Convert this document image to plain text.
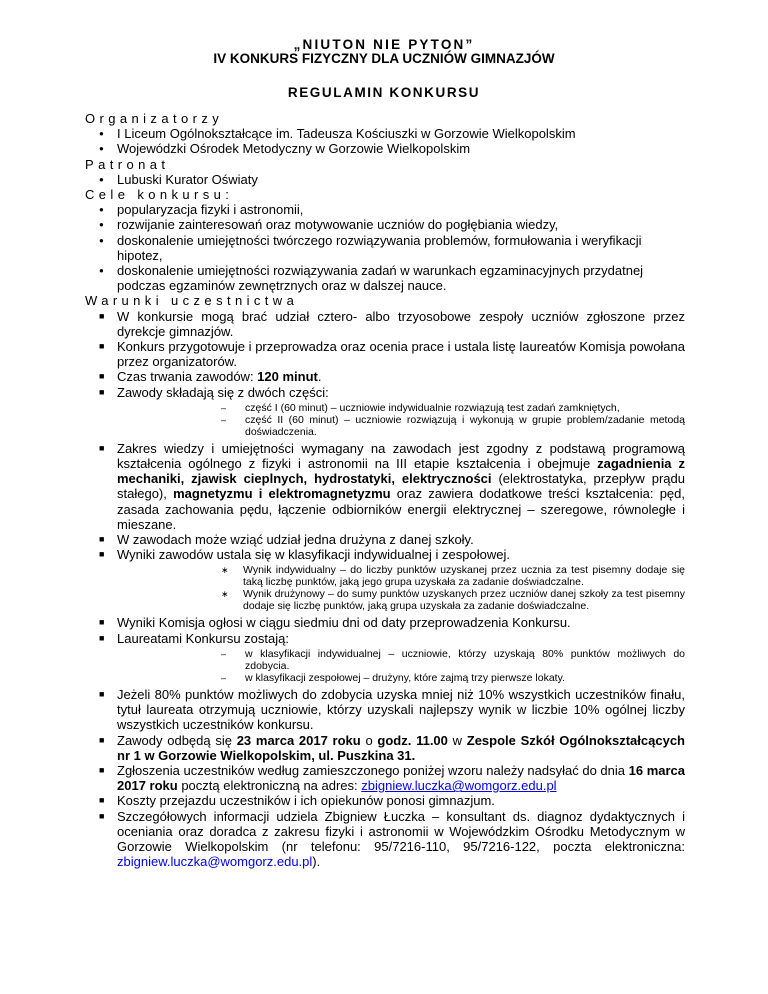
„NIUTON NIE PYTON”
IV KONKURS FIZYCZNY DLA UCZNIÓW GIMNAZJÓW
REGULAMIN KONKURSU
Organizatorzy
● I Liceum Ogólnokształcące im. Tadeusza Kościuszki w Gorzowie Wielkopolskim
● Wojewódzki Ośrodek Metodyczny w Gorzowie Wielkopolskim
Patronat
● Lubuski Kurator Oświaty
Cele konkursu:
● popularyzacja fizyki i astronomii,
● rozwijanie zainteresowań oraz motywowanie uczniów do pogłębiania wiedzy,
● doskonalenie umiejętności twórczego rozwiązywania problemów, formułowania i weryfikacji hipotez,
● doskonalenie umiejętności rozwiązywania zadań w warunkach egzaminacyjnych przydatnej podczas egzaminów zewnętrznych oraz w dalszej nauce.
Warunki uczestnictwa
■ W konkursie mogą brać udział cztero- albo trzyosobowe zespoły uczniów zgłoszone przez dyrekcje gimnazjów.
■ Konkurs przygotowuje i przeprowadza oraz ocenia prace i ustala listę laureatów Komisja powołana przez organizatorów.
■ Czas trwania zawodów: 120 minut.
■ Zawody składają się z dwóch części:
– część I (60 minut) – uczniowie indywidualnie rozwiązują test zadań zamkniętych,
– część II (60 minut) – uczniowie rozwiązują i wykonują w grupie problem/zadanie metodą doświadczenia.
■ Zakres wiedzy i umiejętności wymagany na zawodach jest zgodny z podstawą programową kształcenia ogólnego z fizyki i astronomii na III etapie kształcenia i obejmuje zagadnienia z mechaniki, zjawisk cieplnych, hydrostatyki, elektryczności (elektrostatyka, przepływ prądu stałego), magnetyzmu i elektromagnetyzmu oraz zawiera dodatkowe treści kształcenia: pęd, zasada zachowania pędu, łączenie odbiorników energii elektrycznej – szeregowe, równoległe i mieszane.
■ W zawodach może wziąć udział jedna drużyna z danej szkoły.
■ Wyniki zawodów ustala się w klasyfikacji indywidualnej i zespołowej.
∗ Wynik indywidualny – do liczby punktów uzyskanej przez ucznia za test pisemny dodaje się taką liczbę punktów, jaką jego grupa uzyskała za zadanie doświadczalne.
∗ Wynik drużynowy – do sumy punktów uzyskanych przez uczniów danej szkoły za test pisemny dodaje się liczbę punktów, jaką grupa uzyskała za zadanie doświadczalne.
■ Wyniki Komisja ogłosi w ciągu siedmiu dni od daty przeprowadzenia Konkursu.
■ Laureatami Konkursu zostają:
– w klasyfikacji indywidualnej – uczniowie, którzy uzyskają 80% punktów możliwych do zdobycia.
– w klasyfikacji zespołowej – drużyny, które zajmą trzy pierwsze lokaty.
■ Jeżeli 80% punktów możliwych do zdobycia uzyska mniej niż 10% wszystkich uczestników finału, tytuł laureata otrzymują uczniowie, którzy uzyskali najlepszy wynik w liczbie 10% ogólnej liczby wszystkich uczestników konkursu.
■ Zawody odbędą się 23 marca 2017 roku o godz. 11.00 w Zespole Szkół Ogólnokształcących nr 1 w Gorzowie Wielkopolskim, ul. Puszkina 31.
■ Zgłoszenia uczestników według zamieszczonego poniżej wzoru należy nadsyłać do dnia 16 marca 2017 roku pocztą elektroniczną na adres: zbigniew.luczka@womgorz.edu.pl
■ Koszty przejazdu uczestników i ich opiekunów ponosi gimnazjum.
■ Szczegółowych informacji udziela Zbigniew Łuczka – konsultant ds. diagnoz dydaktycznych i oceniania oraz doradca z zakresu fizyki i astronomii w Wojewódzkim Ośrodku Metodycznym w Gorzowie Wielkopolskim (nr telefonu: 95/7216-110, 95/7216-122, poczta elektroniczna: zbigniew.luczka@womgorz.edu.pl).
